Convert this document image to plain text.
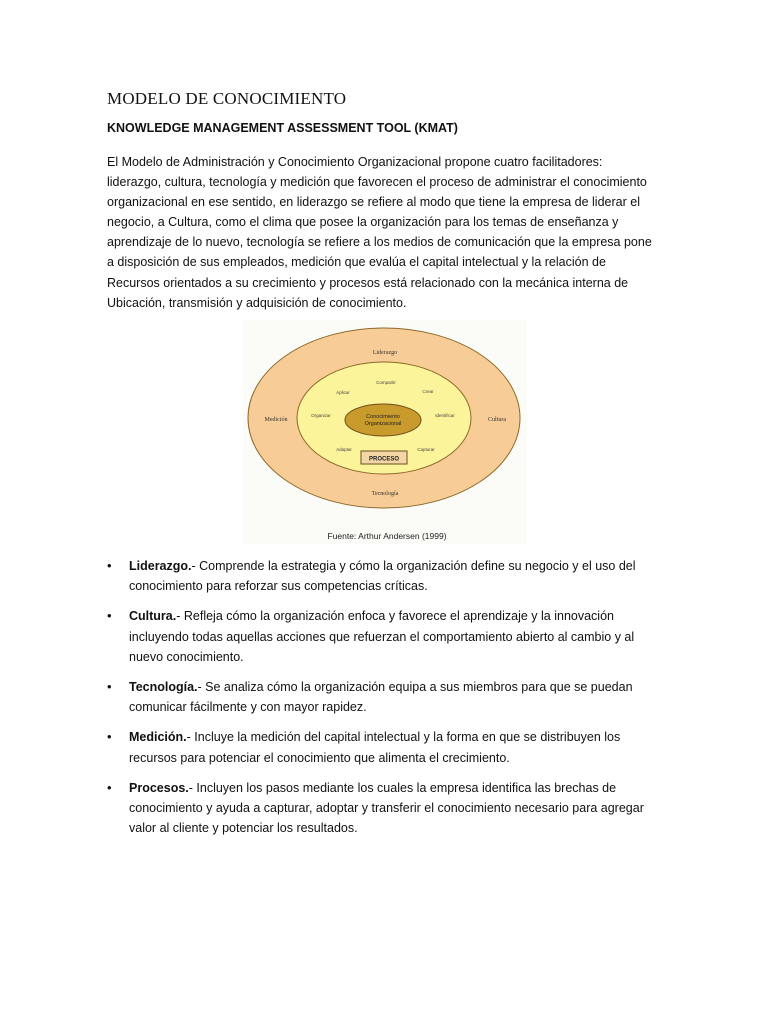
MODELO DE CONOCIMIENTO
KNOWLEDGE MANAGEMENT ASSESSMENT TOOL (KMAT)

El Modelo de Administración y Conocimiento Organizacional propone cuatro facilitadores:
liderazgo, cultura, tecnología y medición que favorecen el proceso de administrar el conocimiento
organizacional en ese sentido, en liderazgo se refiere al modo que tiene la empresa de liderar el
negocio, a Cultura, como el clima que posee la organización para los temas de enseñanza y
aprendizaje de lo nuevo, tecnología se refiere a los medios de comunicación que la empresa pone
a disposición de sus empleados, medición que evalúa el capital intelectual y la relación de
Recursos orientados a su crecimiento y procesos está relacionado con la mecánica interna de
Ubicación, transmisión y adquisición de conocimiento.

Conocimiento
Organizacional
PROCESO
Liderazgo
Medición	Cultura
Tecnología
Aplicar
Compartir
Crear
Organizar	Identificar
Adaptar	Capturar
Fuente: Arthur Andersen (1999)
• Liderazgo.- Comprende la estrategia y cómo la organización define su negocio y el uso del
conocimiento para reforzar sus competencias críticas.
• Cultura.- Refleja cómo la organización enfoca y favorece el aprendizaje y la innovación
incluyendo todas aquellas acciones que refuerzan el comportamiento abierto al cambio y al
nuevo conocimiento.
• Tecnología.- Se analiza cómo la organización equipa a sus miembros para que se puedan
comunicar fácilmente y con mayor rapidez.
• Medición.- Incluye la medición del capital intelectual y la forma en que se distribuyen los
recursos para potenciar el conocimiento que alimenta el crecimiento.
• Procesos.- Incluyen los pasos mediante los cuales la empresa identifica las brechas de
conocimiento y ayuda a capturar, adoptar y transferir el conocimiento necesario para agregar
valor al cliente y potenciar los resultados.
